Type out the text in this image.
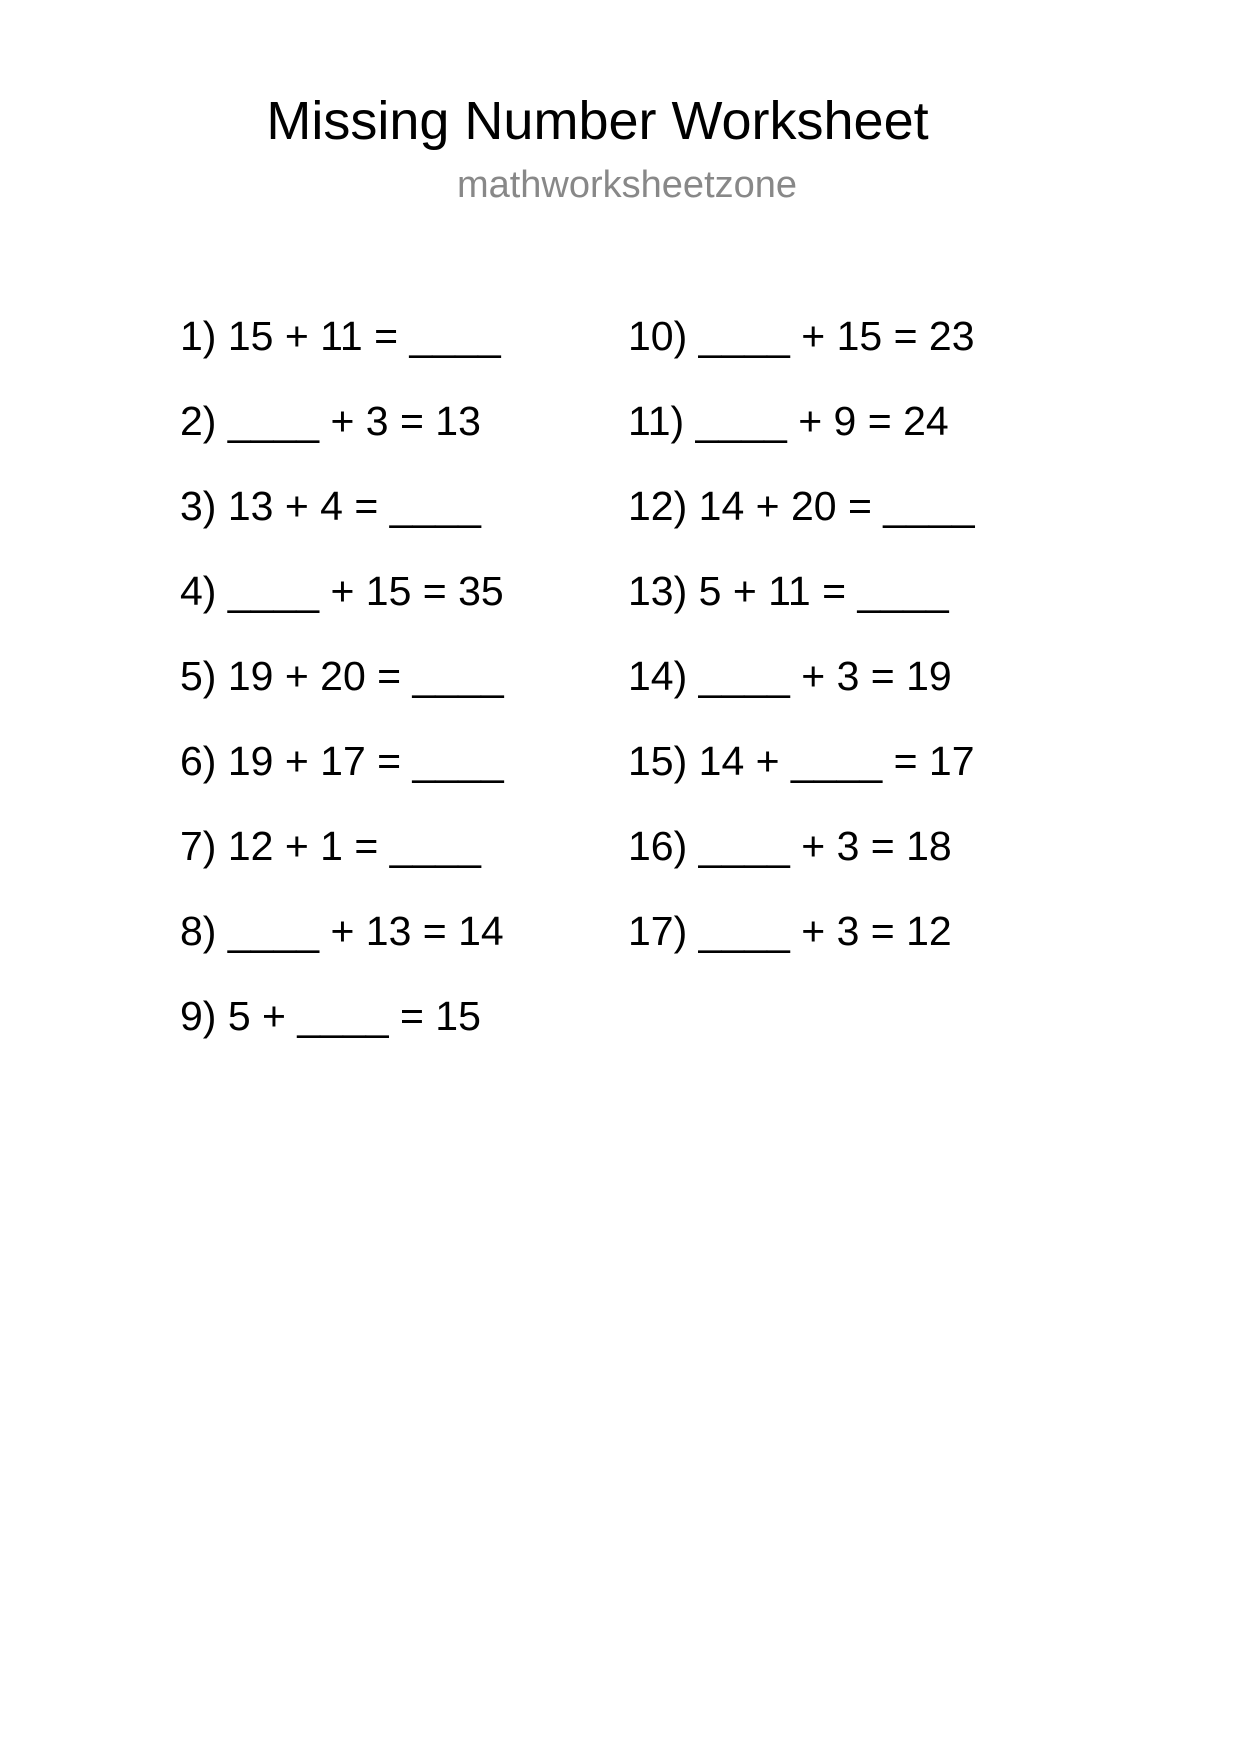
Missing Number Worksheet
mathworksheetzone
1) 15 + 11 = ____
2) ____ + 3 = 13
3) 13 + 4 = ____
4) ____ + 15 = 35
5) 19 + 20 = ____
6) 19 + 17 = ____
7) 12 + 1 = ____
8) ____ + 13 = 14
9) 5 + ____ = 15
10) ____ + 15 = 23
11) ____ + 9 = 24
12) 14 + 20 = ____
13) 5 + 11 = ____
14) ____ + 3 = 19
15) 14 + ____ = 17
16) ____ + 3 = 18
17) ____ + 3 = 12
